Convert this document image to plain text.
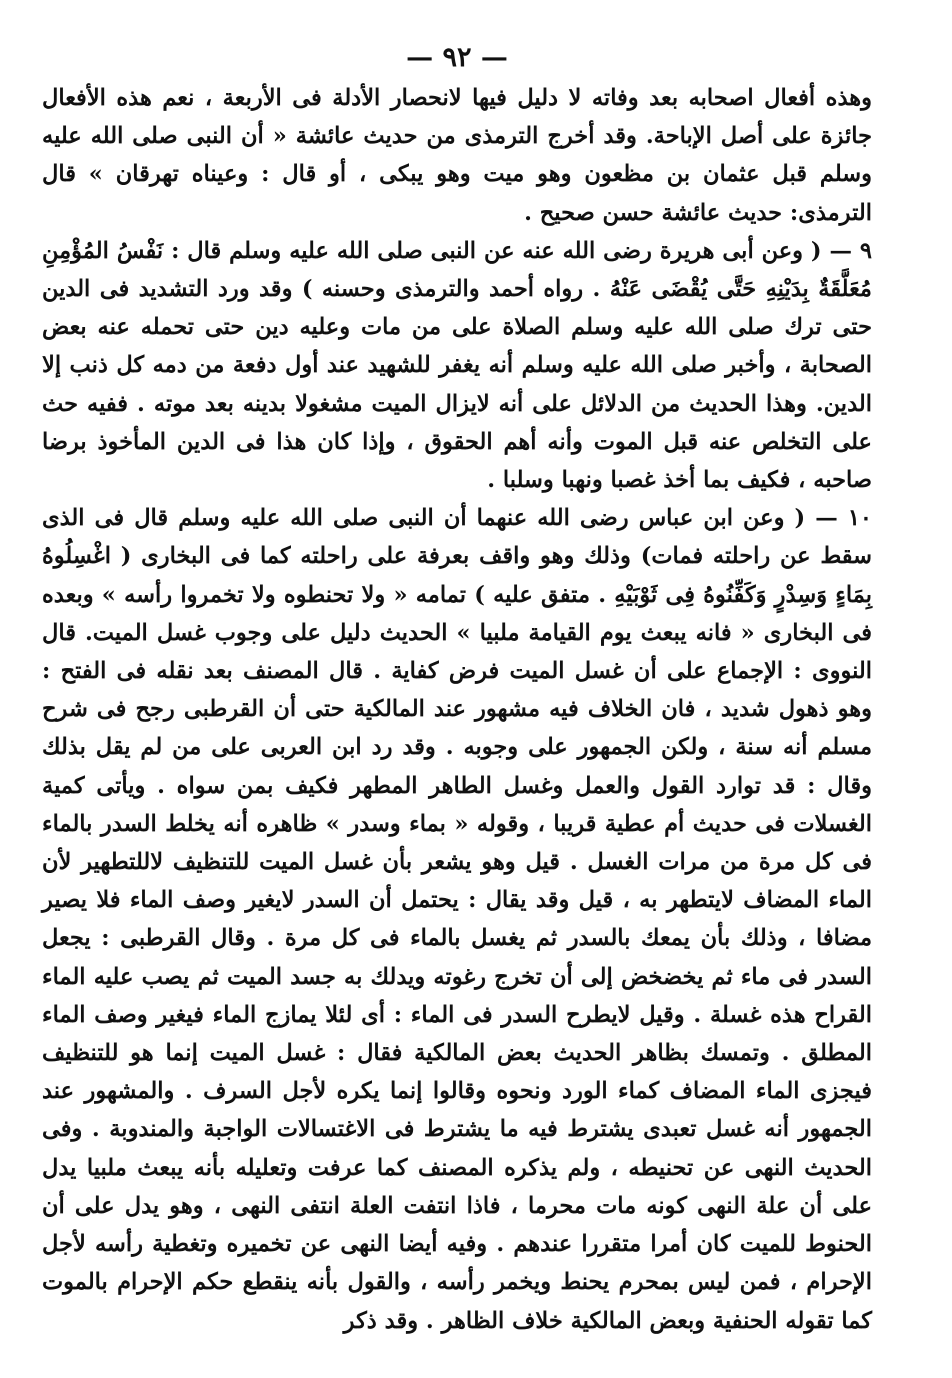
— ٩٢ —

وهذه أفعال اصحابه بعد وفاته لا دليل فيها لانحصار الأدلة فى الأربعة ، نعم هذه الأفعال جائزة على أصل الإباحة. وقد أخرج الترمذى من حديث عائشة « أن النبى صلى الله عليه وسلم قبل عثمان بن مظعون وهو ميت وهو يبكى ، أو قال : وعيناه تهرقان » قال الترمذى: حديث عائشة حسن صحيح .

٩ — ( وعن أبى هريرة رضى الله عنه عن النبى صلى الله عليه وسلم قال : نَفْسُ المُؤْمِنِ مُعَلَّقَةٌ بِدَيْنِهِ حَتَّى يُقْضَى عَنْهُ . رواه أحمد والترمذى وحسنه ) وقد ورد التشديد فى الدين حتى ترك صلى الله عليه وسلم الصلاة على من مات وعليه دين حتى تحمله عنه بعض الصحابة ، وأخبر صلى الله عليه وسلم أنه يغفر للشهيد عند أول دفعة من دمه كل ذنب إلا الدين. وهذا الحديث من الدلائل على أنه لايزال الميت مشغولا بدينه بعد موته . ففيه حث على التخلص عنه قبل الموت وأنه أهم الحقوق ، وإذا كان هذا فى الدين المأخوذ برضا صاحبه ، فكيف بما أخذ غصبا ونهبا وسلبا .

١٠ — ( وعن ابن عباس رضى الله عنهما أن النبى صلى الله عليه وسلم قال فى الذى سقط عن راحلته فمات) وذلك وهو واقف بعرفة على راحلته كما فى البخارى ( اغْسِلُوهُ بِمَاءٍ وَسِدْرٍ وَكَفِّنُوهُ فِى ثَوْبَيْهِ . متفق عليه ) تمامه « ولا تحنطوه ولا تخمروا رأسه » وبعده فى البخارى « فانه يبعث يوم القيامة ملبيا » الحديث دليل على وجوب غسل الميت. قال النووى : الإجماع على أن غسل الميت فرض كفاية . قال المصنف بعد نقله فى الفتح : وهو ذهول شديد ، فان الخلاف فيه مشهور عند المالكية حتى أن القرطبى رجح فى شرح مسلم أنه سنة ، ولكن الجمهور على وجوبه . وقد رد ابن العربى على من لم يقل بذلك وقال : قد توارد القول والعمل وغسل الطاهر المطهر فكيف بمن سواه . ويأتى كمية الغسلات فى حديث أم عطية قريبا ، وقوله « بماء وسدر » ظاهره أنه يخلط السدر بالماء فى كل مرة من مرات الغسل . قيل وهو يشعر بأن غسل الميت للتنظيف لاللتطهير لأن الماء المضاف لايتطهر به ، قيل وقد يقال : يحتمل أن السدر لايغير وصف الماء فلا يصير مضافا ، وذلك بأن يمعك بالسدر ثم يغسل بالماء فى كل مرة . وقال القرطبى : يجعل السدر فى ماء ثم يخضخض إلى أن تخرج رغوته ويدلك به جسد الميت ثم يصب عليه الماء القراح هذه غسلة . وقيل لايطرح السدر فى الماء : أى لئلا يمازج الماء فيغير وصف الماء المطلق . وتمسك بظاهر الحديث بعض المالكية فقال : غسل الميت إنما هو للتنظيف فيجزى الماء المضاف كماء الورد ونحوه وقالوا إنما يكره لأجل السرف . والمشهور عند الجمهور أنه غسل تعبدى يشترط فيه ما يشترط فى الاغتسالات الواجبة والمندوبة . وفى الحديث النهى عن تحنيطه ، ولم يذكره المصنف كما عرفت وتعليله بأنه يبعث ملبيا يدل على أن علة النهى كونه مات محرما ، فاذا انتفت العلة انتفى النهى ، وهو يدل على أن الحنوط للميت كان أمرا متقررا عندهم . وفيه أيضا النهى عن تخميره وتغطية رأسه لأجل الإحرام ، فمن ليس بمحرم يحنط ويخمر رأسه ، والقول بأنه ينقطع حكم الإحرام بالموت كما تقوله الحنفية وبعض المالكية خلاف الظاهر . وقد ذكر
